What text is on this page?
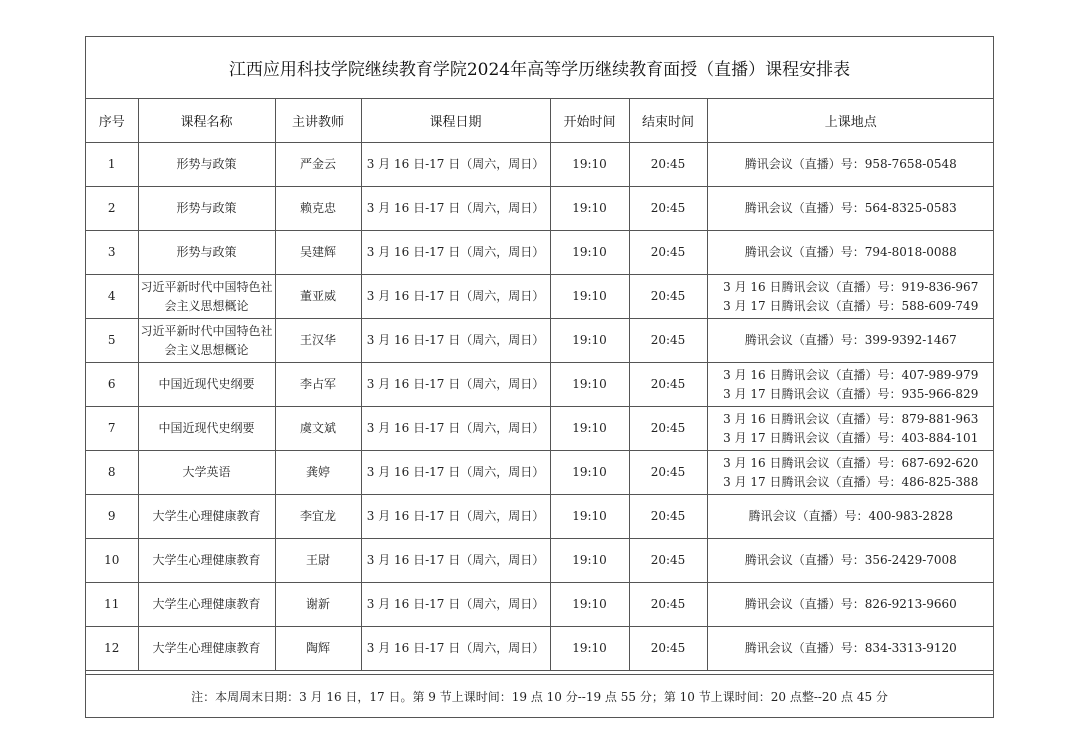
江西应用科技学院继续教育学院2024年高等学历继续教育面授（直播）课程安排表
序号	课程名称	主讲教师	课程日期	开始时间	结束时间	上课地点
1	形势与政策	严金云	3 月 16 日-17 日（周六，周日）	19:10	20:45	腾讯会议（直播）号：958-7658-0548

2	形势与政策	赖克忠	3 月 16 日-17 日（周六，周日）	19:10	20:45	腾讯会议（直播）号：564-8325-0583

3	形势与政策	吴建辉	3 月 16 日-17 日（周六，周日）	19:10	20:45	腾讯会议（直播）号：794-8018-0088

4	习近平新时代中国特色社会主义思想概论	董亚威	3 月 16 日-17 日（周六，周日）	19:10	20:45	3 月 16 日腾讯会议（直播）号：919-836-967
3 月 17 日腾讯会议（直播）号：588-609-749

5	习近平新时代中国特色社会主义思想概论	王汉华	3 月 16 日-17 日（周六，周日）	19:10	20:45	腾讯会议（直播）号：399-9392-1467

6	中国近现代史纲要	李占军	3 月 16 日-17 日（周六，周日）	19:10	20:45	3 月 16 日腾讯会议（直播）号：407-989-979
3 月 17 日腾讯会议（直播）号：935-966-829

7	中国近现代史纲要	虞文斌	3 月 16 日-17 日（周六，周日）	19:10	20:45	3 月 16 日腾讯会议（直播）号：879-881-963
3 月 17 日腾讯会议（直播）号：403-884-101

8	大学英语	龚婷	3 月 16 日-17 日（周六，周日）	19:10	20:45	3 月 16 日腾讯会议（直播）号：687-692-620
3 月 17 日腾讯会议（直播）号：486-825-388

9	大学生心理健康教育	李宜龙	3 月 16 日-17 日（周六，周日）	19:10	20:45	腾讯会议（直播）号：400-983-2828

10	大学生心理健康教育	王尉	3 月 16 日-17 日（周六，周日）	19:10	20:45	腾讯会议（直播）号：356-2429-7008

11	大学生心理健康教育	谢新	3 月 16 日-17 日（周六，周日）	19:10	20:45	腾讯会议（直播）号：826-9213-9660

12	大学生心理健康教育	陶辉	3 月 16 日-17 日（周六，周日）	19:10	20:45	腾讯会议（直播）号：834-3313-9120
注：本周周末日期：3 月 16 日，17 日。第 9 节上课时间：19 点 10 分--19 点 55 分；第 10 节上课时间：20 点整--20 点 45 分
